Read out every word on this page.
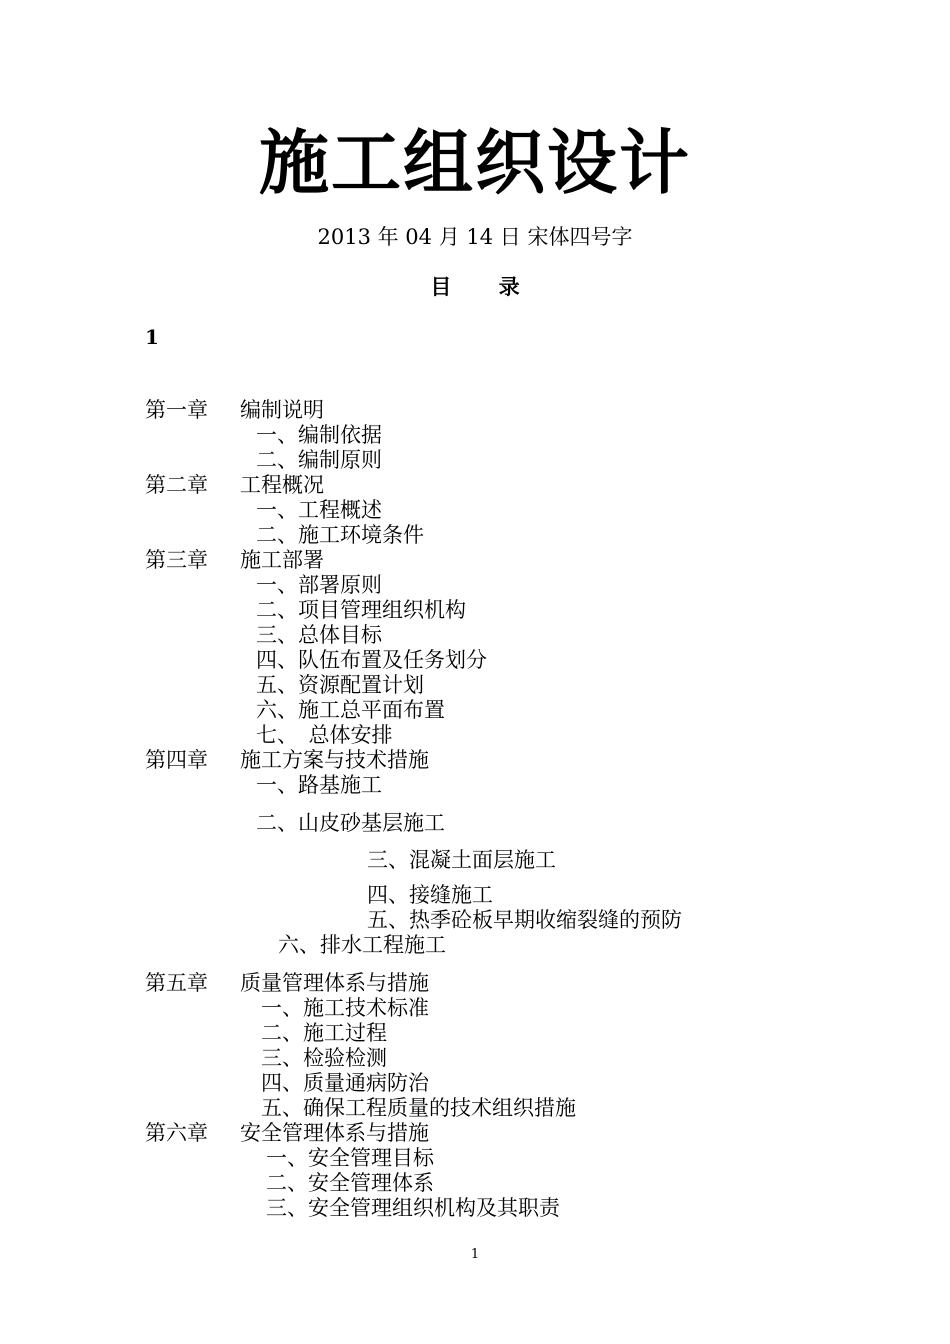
施工组织设计
2013 年 04 月 14 日 宋体四号字
目 录
1
第一章 编制说明
一、编制依据
二、编制原则
第二章 工程概况
一、工程概述
二、施工环境条件
第三章 施工部署
一、部署原则
二、项目管理组织机构
三、总体目标
四、队伍布置及任务划分
五、资源配置计划
六、施工总平面布置
七、　总体安排
第四章 施工方案与技术措施
一、路基施工
二、山皮砂基层施工
三、混凝土面层施工
四、接缝施工
五、热季砼板早期收缩裂缝的预防
六、排水工程施工
第五章 质量管理体系与措施
一、施工技术标准
二、施工过程
三、检验检测
四、质量通病防治
五、确保工程质量的技术组织措施
第六章 安全管理体系与措施
一、安全管理目标
二、安全管理体系
三、安全管理组织机构及其职责
1
